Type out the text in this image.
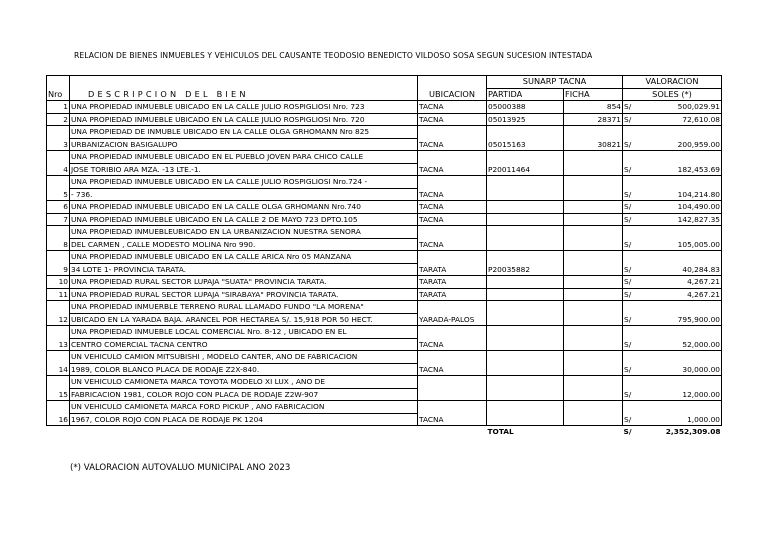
RELACION DE BIENES INMUEBLES Y VEHICULOS DEL CAUSANTE TEODOSIO BENEDICTO VILDOSO SOSA SEGUN SUCESION INTESTADA
Nro	DESCRIPCION DEL BIEN	UBICACION	SUNARP TACNA		VALORACION
			PARTIDA	FICHA	SOLES (*)
1	UNA PROPIEDAD INMUEBLE UBICADO EN LA CALLE JULIO ROSPIGLIOSI Nro. 723	TACNA	05000388	854	S/ 500,029.91

2	UNA PROPIEDAD INMUEBLE UBICADO EN LA CALLE JULIO ROSPIGLIOSI Nro. 720	TACNA	05013925	28371	S/ 72,610.08

3	UNA PROPIEDAD DE INMUBLE UBICADO EN LA CALLE OLGA GRHOMANN Nro 825	TACNA	05015163	30821	S/ 200,959.00

	URBANIZACION BASIGALUPO				
4	UNA PROPIEDAD INMUEBLE UBICADO EN EL PUEBLO JOVEN PARA CHICO CALLE	TACNA	P20011464		S/ 182,453.69

	JOSE TORIBIO ARA MZA. -13 LTE.-1.				
5	UNA PROPIEDAD INMUEBLE UBICADO EN LA CALLE JULIO ROSPIGLIOSI Nro.724 -	TACNA			S/ 104,214.80

	- 736.				
6	UNA PROPIEDAD INMUEBLE UBICADO EN LA CALLE OLGA GRHOMANN Nro.740	TACNA			S/ 104,490.00

7	UNA PROPIEDAD INMUEBLE UBICADO EN LA CALLE 2 DE MAYO 723 DPTO.105	TACNA			S/ 142,827.35

8	UNA PROPIEDAD INMUEBLEUBICADO EN LA URBANIZACION NUESTRA SENORA	TACNA			S/ 105,005.00

	DEL CARMEN , CALLE MODESTO MOLINA Nro 990.				
9	UNA PROPIEDAD INMUEBLE UBICADO EN LA CALLE ARICA Nro 05 MANZANA	TARATA	P20035882		S/ 40,284.83

	34 LOTE 1- PROVINCIA TARATA.				
10	UNA PROPIEDAD RURAL SECTOR LUPAJA "SUATA" PROVINCIA TARATA.	TARATA			S/ 4,267.21

11	UNA PROPIEDAD RURAL SECTOR LUPAJA "SIRABAYA" PROVINCIA TARATA.	TARATA			S/ 4,267.21

12	UNA PROPIEDAD INMUERBLE TERRENO RURAL LLAMADO FUNDO "LA MORENA"	YARADA-PALOS			S/ 795,900.00

	UBICADO EN LA YARADA BAJA. ARANCEL POR HECTAREA S/. 15,918 POR 50 HECT.				
13	UNA PROPIEDAD INMUEBLE LOCAL COMERCIAL Nro. 8-12 , UBICADO EN EL	TACNA			S/ 52,000.00

	CENTRO COMERCIAL TACNA CENTRO				
14	UN VEHICULO CAMION MITSUBISHI , MODELO CANTER, ANO DE FABRICACION	TACNA			S/ 30,000.00

	1989, COLOR BLANCO PLACA DE RODAJE Z2X-840.				
15	UN VEHICULO CAMIONETA MARCA TOYOTA MODELO XI LUX , ANO DE				S/ 12,000.00

	FABRICACION 1981, COLOR ROJO CON PLACA DE RODAJE Z2W-907				
16	UN VEHICULO CAMIONETA MARCA FORD PICKUP , ANO FABRICACION	TACNA			S/ 1,000.00

	1967, COLOR ROJO CON PLACA DE RODAJE PK 1204				
			TOTAL		S/ 2,352,309.08
(*) VALORACION AUTOVALUO MUNICIPAL ANO 2023
